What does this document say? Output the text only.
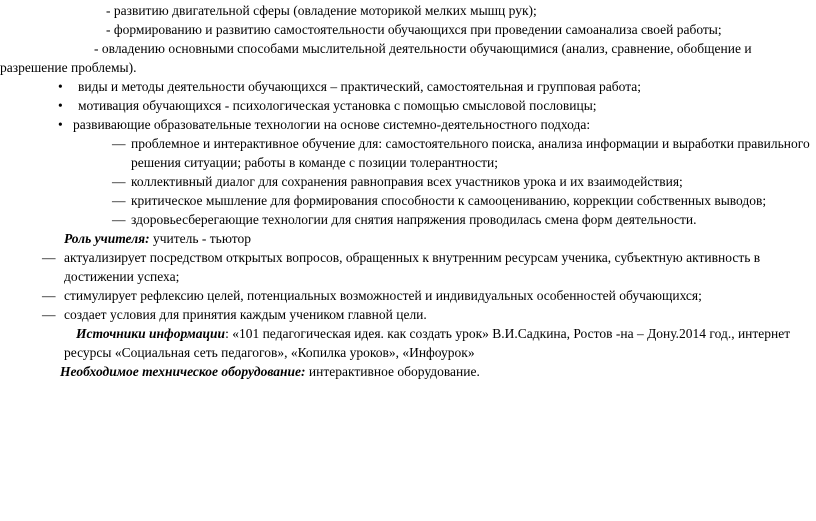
- развитию двигательной сферы (овладение моторикой мелких мышц рук);
- формированию и развитию самостоятельности обучающихся при проведении самоанализа своей работы;
- овладению основными способами мыслительной деятельности обучающимися (анализ, сравнение, обобщение и
разрешение проблемы).
• виды и методы деятельности обучающихся – практический, самостоятельная и групповая работа;
• мотивация обучающихся - психологическая установка с помощью смысловой пословицы;
• развивающие образовательные технологии на основе системно-деятельностного подхода:
— проблемное и интерактивное обучение для: самостоятельного поиска, анализа информации и выработки правильного
решения ситуации; работы в команде с позиции толерантности;
— коллективный диалог для сохранения равноправия всех участников урока и их взаимодействия;
— критическое мышление для формирования способности к самооцениванию, коррекции собственных выводов;
— здоровьесберегающие технологии для снятия напряжения проводилась смена форм деятельности.
Роль учителя: учитель - тьютор
— актуализирует посредством открытых вопросов, обращенных к внутренним ресурсам ученика, субъектную активность в
достижении успеха;
— стимулирует рефлексию целей, потенциальных возможностей и индивидуальных особенностей обучающихся;
— создает условия для принятия каждым учеником главной цели.
Источники информации: «101 педагогическая идея. как создать урок» В.И.Садкина, Ростов -на – Дону.2014 год., интернет
ресурсы «Социальная сеть педагогов», «Копилка уроков», «Инфоурок»
Необходимое техническое оборудование: интерактивное оборудование.
